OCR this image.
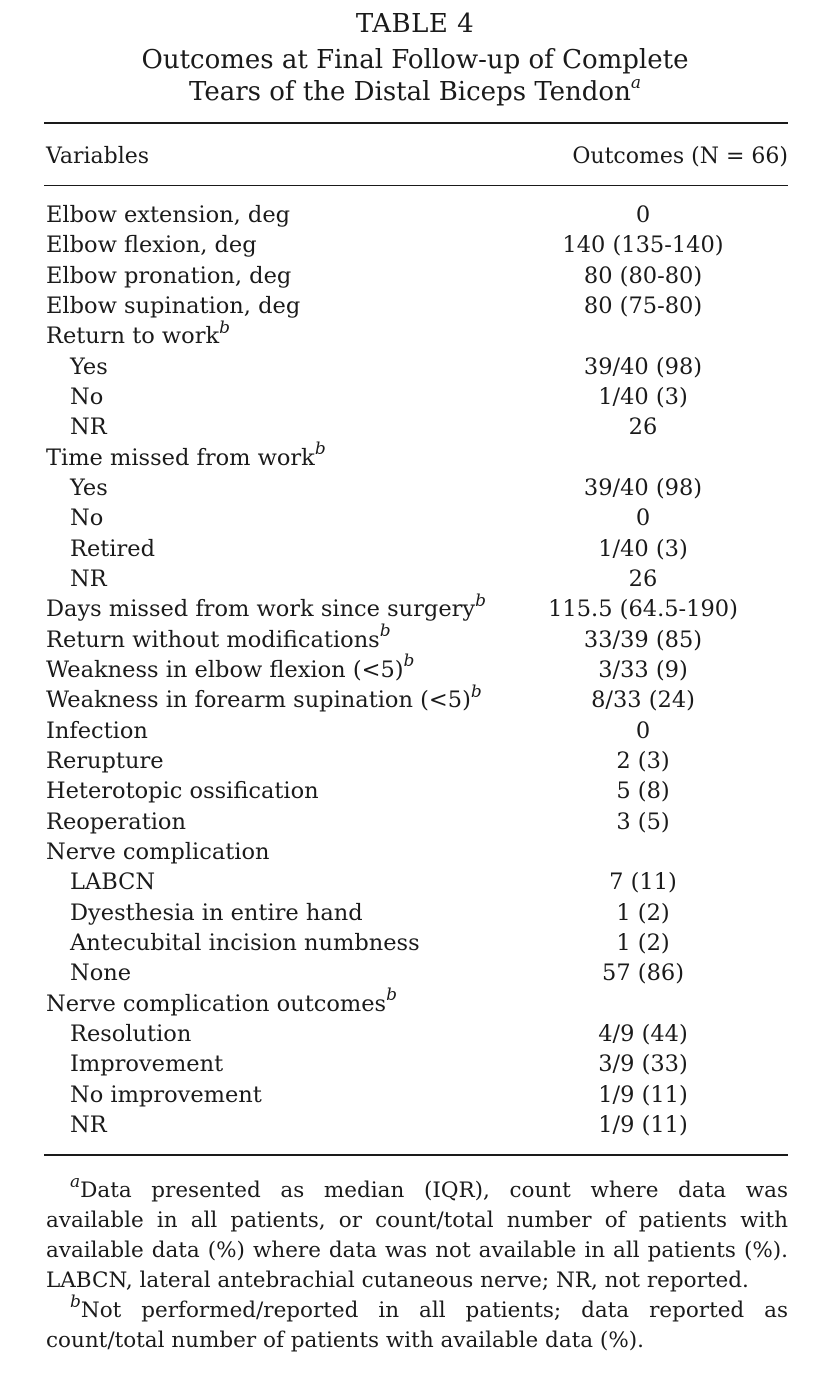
TABLE 4
Outcomes at Final Follow-up of Complete
Tears of the Distal Biceps Tendon$^a$
Variables	Outcomes (N = 66)
Elbow extension, deg	0
Elbow flexion, deg	140 (135-140)
Elbow pronation, deg	80 (80-80)
Elbow supination, deg	80 (75-80)
Return to work$^b$
Yes	39/40 (98)
No	1/40 (3)
NR	26
Time missed from work$^b$
Yes	39/40 (98)
No	0
Retired	1/40 (3)
NR	26
Days missed from work since surgery$^b$	115.5 (64.5-190)
Return without modifications$^b$	33/39 (85)
Weakness in elbow flexion (<5)$^b$	3/33 (9)
Weakness in forearm supination (<5)$^b$	8/33 (24)
Infection	0
Rerupture	2 (3)
Heterotopic ossification	5 (8)
Reoperation	3 (5)
Nerve complication
LABCN	7 (11)
Dyesthesia in entire hand	1 (2)
Antecubital incision numbness	1 (2)
None	57 (86)
Nerve complication outcomes$^b$
Resolution	4/9 (44)
Improvement	3/9 (33)
No improvement	1/9 (11)
NR	1/9 (11)

$^a$Data presented as median (IQR), count where data was available in all patients, or count/total number of patients with available data (%) where data was not available in all patients (%). LABCN, lateral antebrachial cutaneous nerve; NR, not reported.

$^b$Not performed/reported in all patients; data reported as count/total number of patients with available data (%).
